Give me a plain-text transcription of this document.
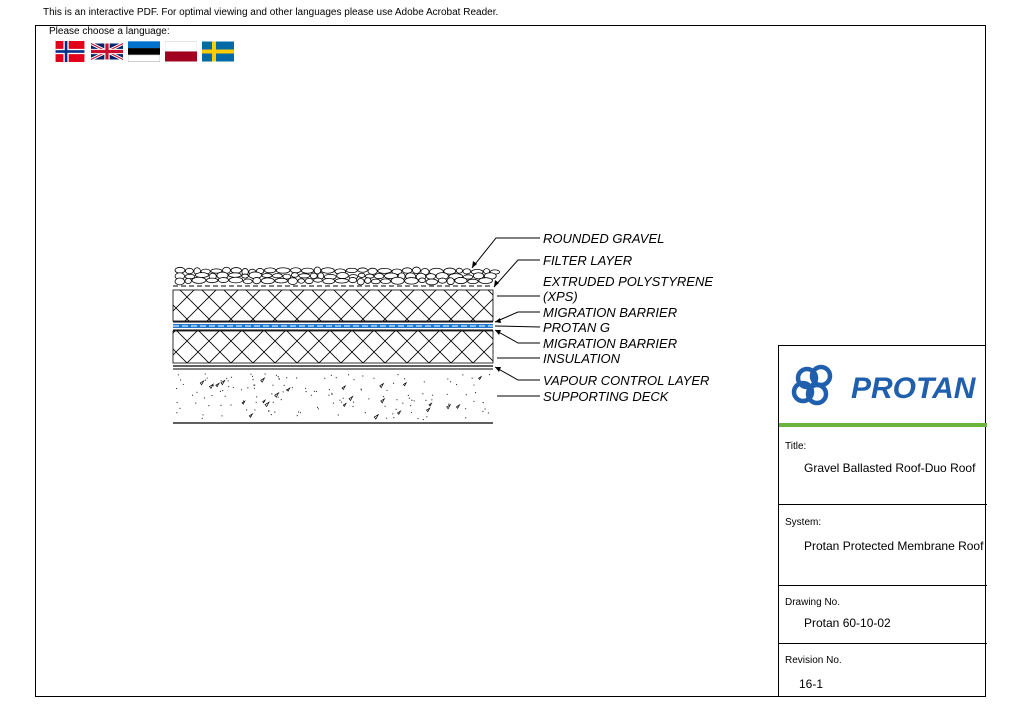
This is an interactive PDF. For optimal viewing and other languages please use Adobe Acrobat Reader.
Please choose a language:
ROUNDED GRAVEL
FILTER LAYER
EXTRUDED POLYSTYRENE
(XPS)
MIGRATION BARRIER
PROTAN G
MIGRATION BARRIER
INSULATION
VAPOUR CONTROL LAYER
SUPPORTING DECK	PROTAN
Title:
Gravel Ballasted Roof-Duo Roof
System:
Protan Protected Membrane Roof
Drawing No.
Protan 60-10-02
Revision No.
16-1
